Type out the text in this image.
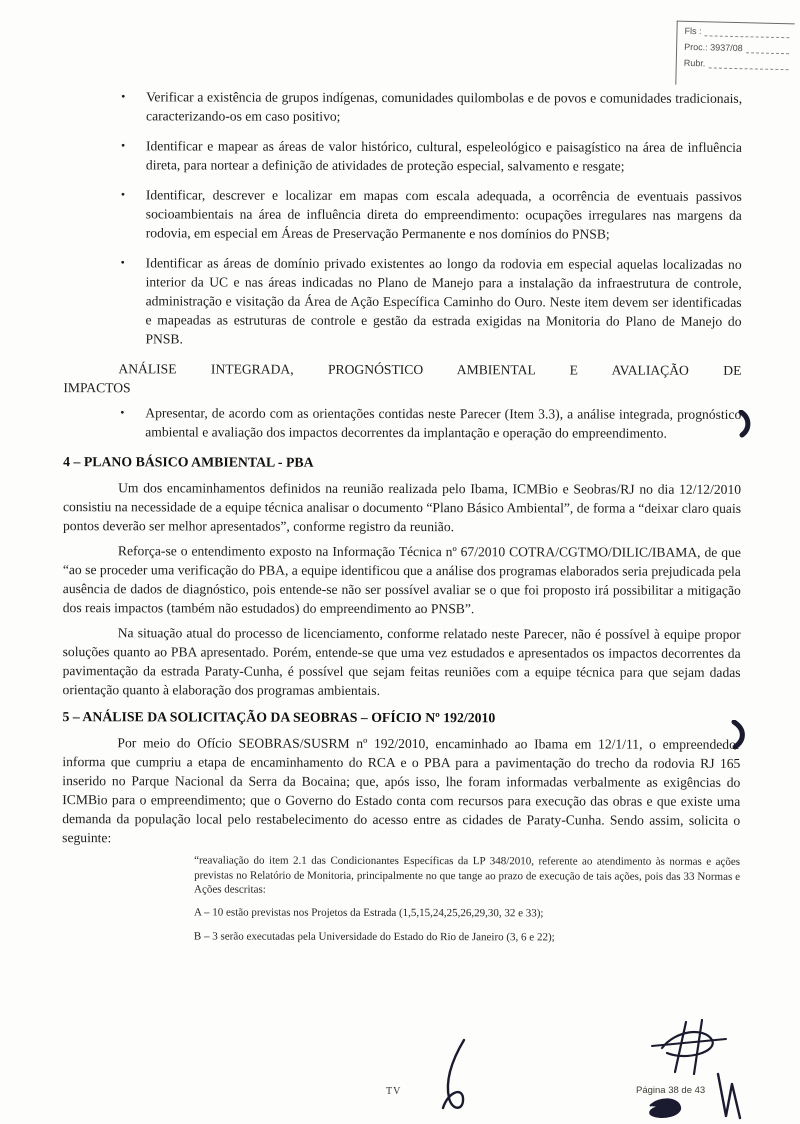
Fls :
Proc.: 3937/08
Rubr.
• Verificar a existência de grupos indígenas, comunidades quilombolas e de povos e comunidades tradicionais, caracterizando-os em caso positivo;
• Identificar e mapear as áreas de valor histórico, cultural, espeleológico e paisagístico na área de influência direta, para nortear a definição de atividades de proteção especial, salvamento e resgate;
• Identificar, descrever e localizar em mapas com escala adequada, a ocorrência de eventuais passivos socioambientais na área de influência direta do empreendimento: ocupações irregulares nas margens da rodovia, em especial em Áreas de Preservação Permanente e nos domínios do PNSB;
• Identificar as áreas de domínio privado existentes ao longo da rodovia em especial aquelas localizadas no interior da UC e nas áreas indicadas no Plano de Manejo para a instalação da infraestrutura de controle, administração e visitação da Área de Ação Específica Caminho do Ouro. Neste item devem ser identificadas e mapeadas as estruturas de controle e gestão da estrada exigidas na Monitoria do Plano de Manejo do PNSB.
ANÁLISE INTEGRADA, PROGNÓSTICO AMBIENTAL E AVALIAÇÃO DE
IMPACTOS
• Apresentar, de acordo com as orientações contidas neste Parecer (Item 3.3), a análise integrada, prognóstico ambiental e avaliação dos impactos decorrentes da implantação e operação do empreendimento.
4 – PLANO BÁSICO AMBIENTAL - PBA

Um dos encaminhamentos definidos na reunião realizada pelo Ibama, ICMBio e Seobras/RJ no dia 12/12/2010 consistiu na necessidade de a equipe técnica analisar o documento “Plano Básico Ambiental”, de forma a “deixar claro quais pontos deverão ser melhor apresentados”, conforme registro da reunião.

Reforça-se o entendimento exposto na Informação Técnica nº 67/2010 COTRA/CGTMO/DILIC/IBAMA, de que “ao se proceder uma verificação do PBA, a equipe identificou que a análise dos programas elaborados seria prejudicada pela ausência de dados de diagnóstico, pois entende-se não ser possível avaliar se o que foi proposto irá possibilitar a mitigação dos reais impactos (também não estudados) do empreendimento ao PNSB”.

Na situação atual do processo de licenciamento, conforme relatado neste Parecer, não é possível à equipe propor soluções quanto ao PBA apresentado. Porém, entende-se que uma vez estudados e apresentados os impactos decorrentes da pavimentação da estrada Paraty-Cunha, é possível que sejam feitas reuniões com a equipe técnica para que sejam dadas orientação quanto à elaboração dos programas ambientais.

5 – ANÁLISE DA SOLICITAÇÃO DA SEOBRAS – OFÍCIO Nº 192/2010

Por meio do Ofício SEOBRAS/SUSRM nº 192/2010, encaminhado ao Ibama em 12/1/11, o empreendedor informa que cumpriu a etapa de encaminhamento do RCA e o PBA para a pavimentação do trecho da rodovia RJ 165 inserido no Parque Nacional da Serra da Bocaina; que, após isso, lhe foram informadas verbalmente as exigências do ICMBio para o empreendimento; que o Governo do Estado conta com recursos para execução das obras e que existe uma demanda da população local pelo restabelecimento do acesso entre as cidades de Paraty-Cunha. Sendo assim, solicita o seguinte:

“reavaliação do item 2.1 das Condicionantes Específicas da LP 348/2010, referente ao atendimento às normas e ações previstas no Relatório de Monitoria, principalmente no que tange ao prazo de execução de tais ações, pois das 33 Normas e Ações descritas:
A – 10 estão previstas nos Projetos da Estrada (1,5,15,24,25,26,29,30, 32 e 33);
B – 3 serão executadas pela Universidade do Estado do Rio de Janeiro (3, 6 e 22);
TV	Página 38 de 43
